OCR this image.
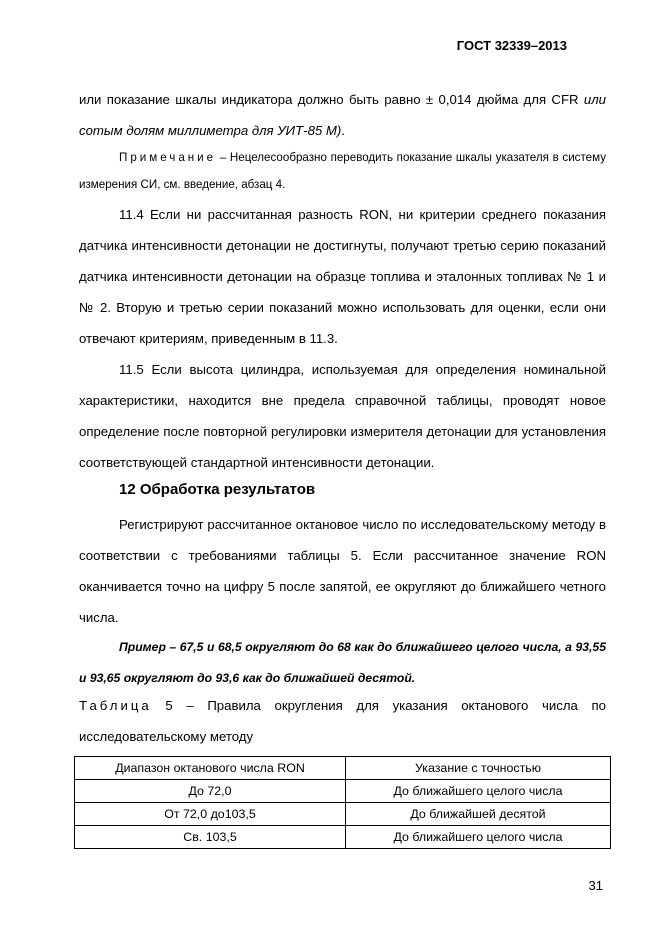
ГОСТ 32339–2013

или показание шкалы индикатора должно быть равно ± 0,014 дюйма для CFR или сотым долям миллиметра для УИТ-85 М).

Примечание – Нецелесообразно переводить показание шкалы указателя в систему измерения СИ, см. введение, абзац 4.

11.4 Если ни рассчитанная разность RON, ни критерии среднего показания датчика интенсивности детонации не достигнуты, получают третью серию показаний датчика интенсивности детонации на образце топлива и эталонных топливах № 1 и № 2. Вторую и третью серии показаний можно использовать для оценки, если они отвечают критериям, приведенным в 11.3.

11.5 Если высота цилиндра, используемая для определения номинальной характеристики, находится вне предела справочной таблицы, проводят новое определение после повторной регулировки измерителя детонации для установления соответствующей стандартной интенсивности детонации.

12 Обработка результатов

Регистрируют рассчитанное октановое число по исследовательскому методу в соответствии с требованиями таблицы 5. Если рассчитанное значение RON оканчивается точно на цифру 5 после запятой, ее округляют до ближайшего четного числа.

Пример – 67,5 и 68,5 округляют до 68 как до ближайшего целого числа, а 93,55 и 93,65 округляют до 93,6 как до ближайшей десятой.

Таблица 5 – Правила округления для указания октанового числа по исследовательскому методу

Диапазон октанового числа RON	Указание с точностью
До 72,0	До ближайшего целого числа
От 72,0 до103,5	До ближайшей десятой
Св. 103,5	До ближайшего целого числа
31
